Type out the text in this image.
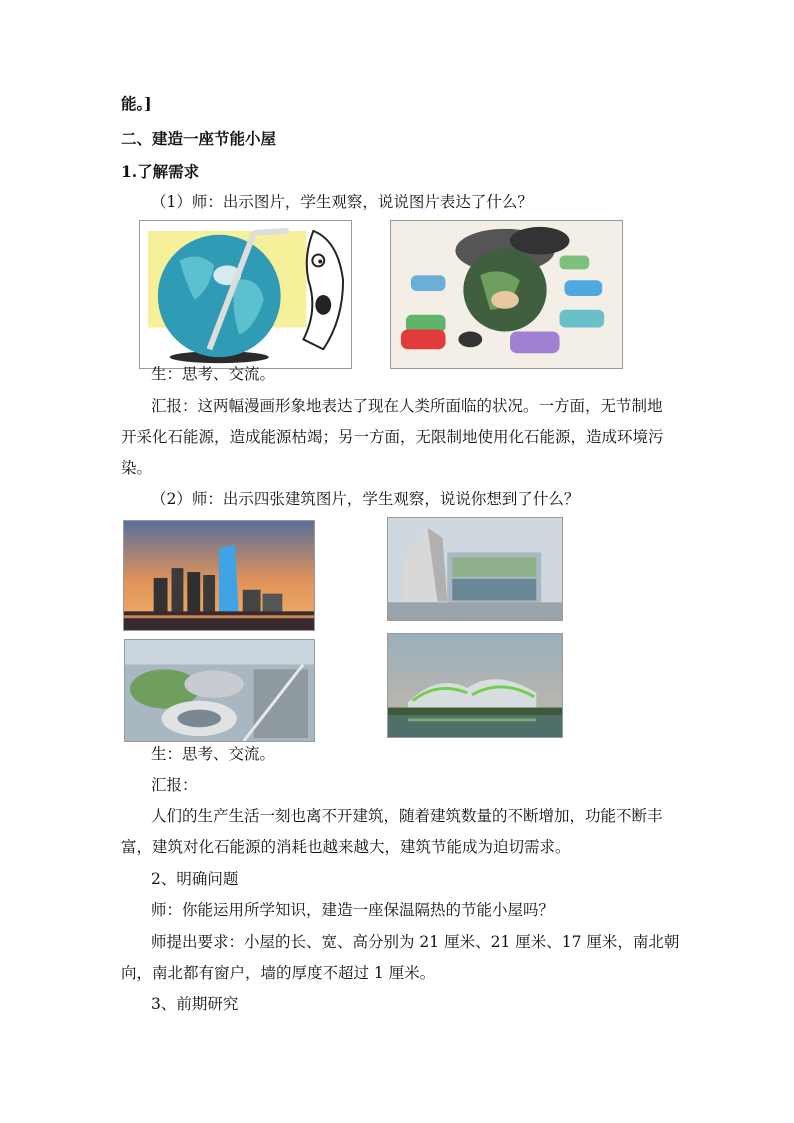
能。]
二、建造一座节能小屋
1.了解需求
（1）师：出示图片，学生观察，说说图片表达了什么？
生：思考、交流。
汇报：这两幅漫画形象地表达了现在人类所面临的状况。一方面，无节制地
开采化石能源，造成能源枯竭；另一方面，无限制地使用化石能源，造成环境污
染。
（2）师：出示四张建筑图片，学生观察，说说你想到了什么？
生：思考、交流。
汇报：
人们的生产生活一刻也离不开建筑，随着建筑数量的不断增加，功能不断丰
富，建筑对化石能源的消耗也越来越大，建筑节能成为迫切需求。
2、明确问题
师：你能运用所学知识，建造一座保温隔热的节能小屋吗？
师提出要求：小屋的长、宽、高分别为 21 厘米、21 厘米、17 厘米，南北朝
向，南北都有窗户，墙的厚度不超过 1 厘米。
3、前期研究
